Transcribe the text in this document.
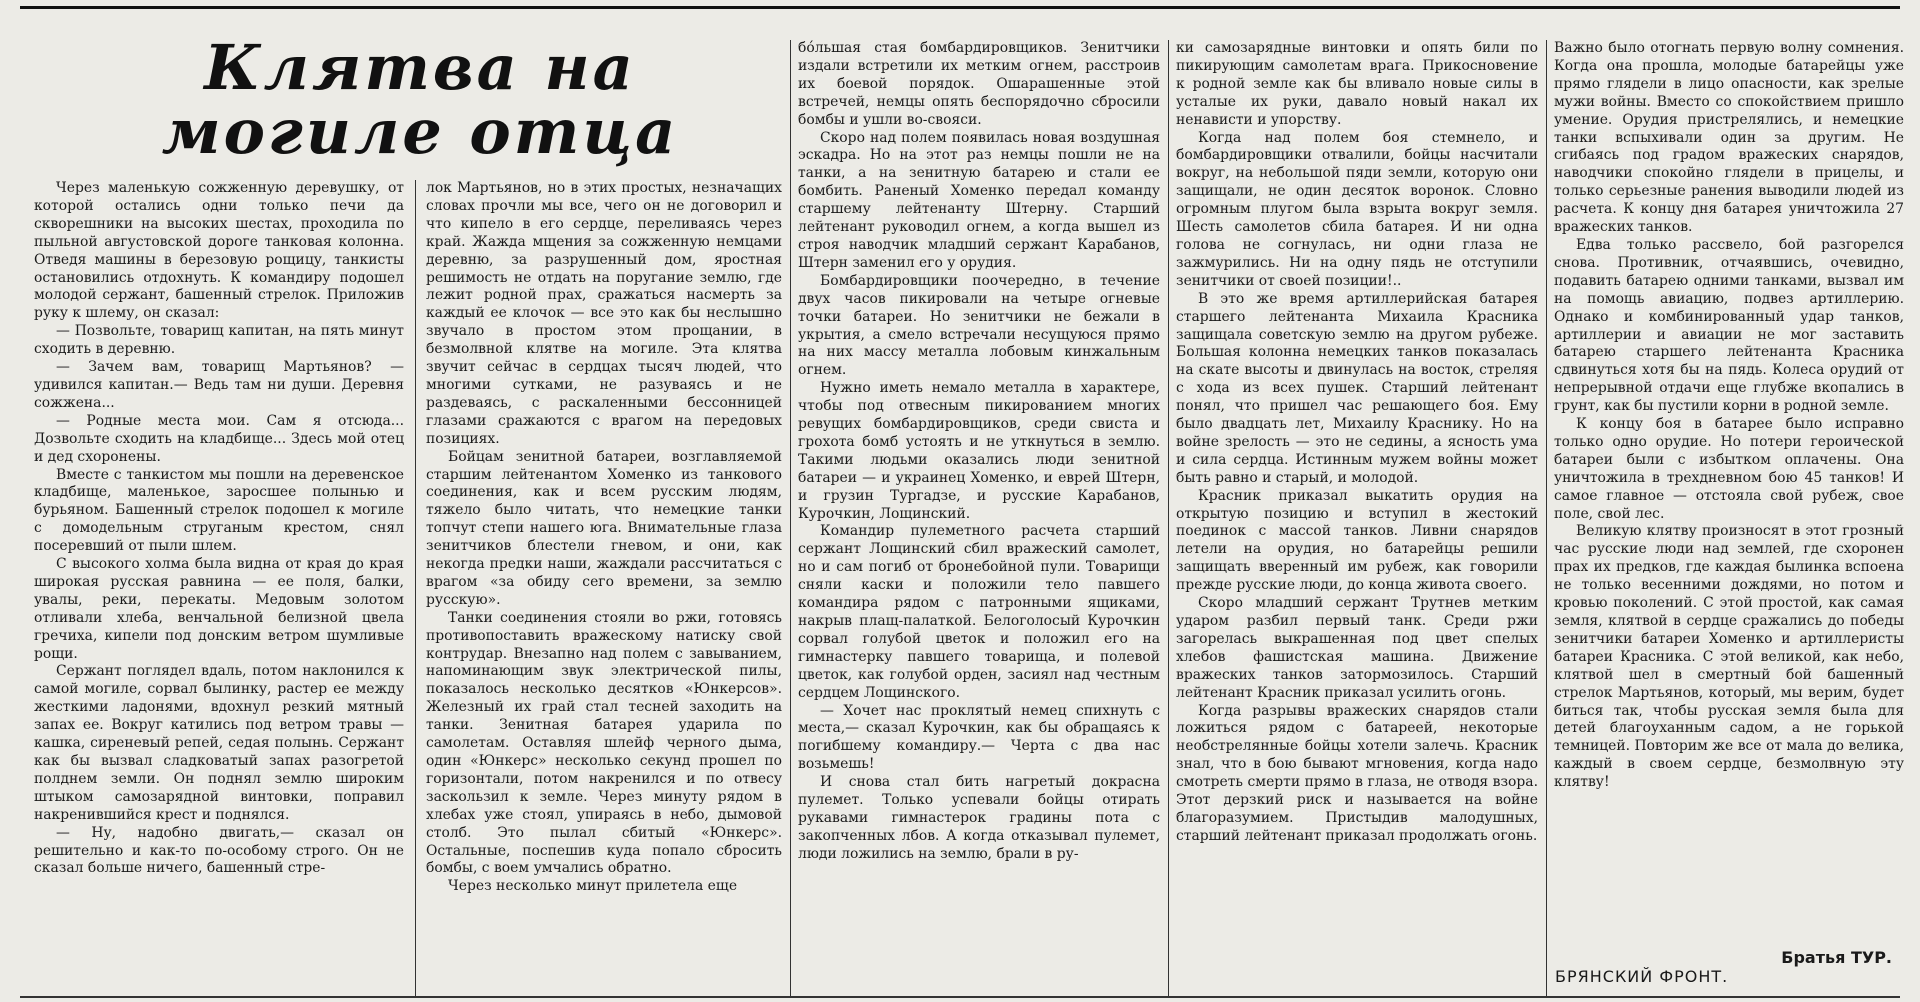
Клятва на могиле отца

Через маленькую сожженную деревушку, от которой остались одни только печи да скворешники на высоких шестах, проходила по пыльной августовской дороге танковая колонна. Отведя машины в березовую рощицу, танкисты остановились отдохнуть. К командиру подошел молодой сержант, башенный стрелок. Приложив руку к шлему, он сказал:

— Позвольте, товарищ капитан, на пять минут сходить в деревню.

— Зачем вам, товарищ Мартьянов? — удивился капитан.— Ведь там ни души. Деревня сожжена...

— Родные места мои. Сам я отсюда... Дозвольте сходить на кладбище... Здесь мой отец и дед схоронены.

Вместе с танкистом мы пошли на деревенское кладбище, маленькое, заросшее полынью и бурьяном. Башенный стрелок подошел к могиле с домодельным струганым крестом, снял посеревший от пыли шлем.

С высокого холма была видна от края до края широкая русская равнина — ее поля, балки, увалы, реки, перекаты. Медовым золотом отливали хлеба, венчальной белизной цвела гречиха, кипели под донским ветром шумливые рощи.

Сержант поглядел вдаль, потом наклонился к самой могиле, сорвал былинку, растер ее между жесткими ладонями, вдохнул резкий мятный запах ее. Вокруг катились под ветром травы — кашка, сиреневый репей, седая полынь. Сержант как бы вызвал сладковатый запах разогретой полднем земли. Он поднял землю широким штыком самозарядной винтовки, поправил накренившийся крест и поднялся.

— Ну, надобно двигать,— сказал он решительно и как-то по-особому строго. Он не сказал больше ничего, башенный стре-

лок Мартьянов, но в этих простых, незначащих словах прочли мы все, чего он не договорил и что кипело в его сердце, переливаясь через край. Жажда мщения за сожженную немцами деревню, за разрушенный дом, яростная решимость не отдать на поругание землю, где лежит родной прах, сражаться насмерть за каждый ее клочок — все это как бы неслышно звучало в простом этом прощании, в безмолвной клятве на могиле. Эта клятва звучит сейчас в сердцах тысяч людей, что многими сутками, не разуваясь и не раздеваясь, с раскаленными бессонницей глазами сражаются с врагом на передовых позициях.

Бойцам зенитной батареи, возглавляемой старшим лейтенантом Хоменко из танкового соединения, как и всем русским людям, тяжело было читать, что немецкие танки топчут степи нашего юга. Внимательные глаза зенитчиков блестели гневом, и они, как некогда предки наши, жаждали рассчитаться с врагом «за обиду сего времени, за землю русскую».

Танки соединения стояли во ржи, готовясь противопоставить вражескому натиску свой контрудар. Внезапно над полем с завыванием, напоминающим звук электрической пилы, показалось несколько десятков «Юнкерсов». Железный их грай стал тесней заходить на танки. Зенитная батарея ударила по самолетам. Оставляя шлейф черного дыма, один «Юнкерс» несколько секунд прошел по горизонтали, потом накренился и по отвесу заскользил к земле. Через минуту рядом в хлебах уже стоял, упираясь в небо, дымовой столб. Это пылал сбитый «Юнкерс». Остальные, поспешив куда попало сбросить бомбы, с воем умчались обратно.

Через несколько минут прилетела еще

бóльшая стая бомбардировщиков. Зенитчики издали встретили их метким огнем, расстроив их боевой порядок. Ошарашенные этой встречей, немцы опять беспорядочно сбросили бомбы и ушли во-свояси.

Скоро над полем появилась новая воздушная эскадра. Но на этот раз немцы пошли не на танки, а на зенитную батарею и стали ее бомбить. Раненый Хоменко передал команду старшему лейтенанту Штерну. Старший лейтенант руководил огнем, а когда вышел из строя наводчик младший сержант Карабанов, Штерн заменил его у орудия.

Бомбардировщики поочередно, в течение двух часов пикировали на четыре огневые точки батареи. Но зенитчики не бежали в укрытия, а смело встречали несущуюся прямо на них массу металла лобовым кинжальным огнем.

Нужно иметь немало металла в характере, чтобы под отвесным пикированием многих ревущих бомбардировщиков, среди свиста и грохота бомб устоять и не уткнуться в землю. Такими людьми оказались люди зенитной батареи — и украинец Хоменко, и еврей Штерн, и грузин Тургадзе, и русские Карабанов, Курочкин, Лощинский.

Командир пулеметного расчета старший сержант Лощинский сбил вражеский самолет, но и сам погиб от бронебойной пули. Товарищи сняли каски и положили тело павшего командира рядом с патронными ящиками, накрыв плащ-палаткой. Белоголосый Курочкин сорвал голубой цветок и положил его на гимнастерку павшего товарища, и полевой цветок, как голубой орден, засиял над честным сердцем Лощинского.

— Хочет нас проклятый немец спихнуть с места,— сказал Курочкин, как бы обращаясь к погибшему командиру.— Черта с два нас возьмешь!

И снова стал бить нагретый докрасна пулемет. Только успевали бойцы отирать рукавами гимнастерок градины пота с закопченных лбов. А когда отказывал пулемет, люди ложились на землю, брали в ру-

ки самозарядные винтовки и опять били по пикирующим самолетам врага. Прикосновение к родной земле как бы вливало новые силы в усталые их руки, давало новый накал их ненависти и упорству.

Когда над полем боя стемнело, и бомбардировщики отвалили, бойцы насчитали вокруг, на небольшой пяди земли, которую они защищали, не один десяток воронок. Словно огромным плугом была взрыта вокруг земля. Шесть самолетов сбила батарея. И ни одна голова не согнулась, ни одни глаза не зажмурились. Ни на одну пядь не отступили зенитчики от своей позиции!..

В это же время артиллерийская батарея старшего лейтенанта Михаила Красника защищала советскую землю на другом рубеже. Большая колонна немецких танков показалась на скате высоты и двинулась на восток, стреляя с хода из всех пушек. Старший лейтенант понял, что пришел час решающего боя. Ему было двадцать лет, Михаилу Краснику. Но на войне зрелость — это не седины, а ясность ума и сила сердца. Истинным мужем войны может быть равно и старый, и молодой.

Красник приказал выкатить орудия на открытую позицию и вступил в жестокий поединок с массой танков. Ливни снарядов летели на орудия, но батарейцы решили защищать вверенный им рубеж, как говорили прежде русские люди, до конца живота своего.

Скоро младший сержант Трутнев метким ударом разбил первый танк. Среди ржи загорелась выкрашенная под цвет спелых хлебов фашистская машина. Движение вражеских танков затормозилось. Старший лейтенант Красник приказал усилить огонь.

Когда разрывы вражеских снарядов стали ложиться рядом с батареей, некоторые необстрелянные бойцы хотели залечь. Красник знал, что в бою бывают мгновения, когда надо смотреть смерти прямо в глаза, не отводя взора. Этот дерзкий риск и называется на войне благоразумием. Пристыдив малодушных, старший лейтенант приказал продолжать огонь.

Важно было отогнать первую волну сомнения. Когда она прошла, молодые батарейцы уже прямо глядели в лицо опасности, как зрелые мужи войны. Вместо со спокойствием пришло умение. Орудия пристрелялись, и немецкие танки вспыхивали один за другим. Не сгибаясь под градом вражеских снарядов, наводчики спокойно глядели в прицелы, и только серьезные ранения выводили людей из расчета. К концу дня батарея уничтожила 27 вражеских танков.

Едва только рассвело, бой разгорелся снова. Противник, отчаявшись, очевидно, подавить батарею одними танками, вызвал им на помощь авиацию, подвез артиллерию. Однако и комбинированный удар танков, артиллерии и авиации не мог заставить батарею старшего лейтенанта Красника сдвинуться хотя бы на пядь. Колеса орудий от непрерывной отдачи еще глубже вкопались в грунт, как бы пустили корни в родной земле.

К концу боя в батарее было исправно только одно орудие. Но потери героической батареи были с избытком оплачены. Она уничтожила в трехдневном бою 45 танков! И самое главное — отстояла свой рубеж, свое поле, свой лес.

Великую клятву произносят в этот грозный час русские люди над землей, где схоронен прах их предков, где каждая былинка вспоена не только весенними дождями, но потом и кровью поколений. С этой простой, как самая земля, клятвой в сердце сражались до победы зенитчики батареи Хоменко и артиллеристы батареи Красника. С этой великой, как небо, клятвой шел в смертный бой башенный стрелок Мартьянов, который, мы верим, будет биться так, чтобы русская земля была для детей благоуханным садом, а не горькой темницей. Повторим же все от мала до велика, каждый в своем сердце, безмолвную эту клятву!

БРЯНСКИЙ ФРОНТ.
Братья ТУР.
